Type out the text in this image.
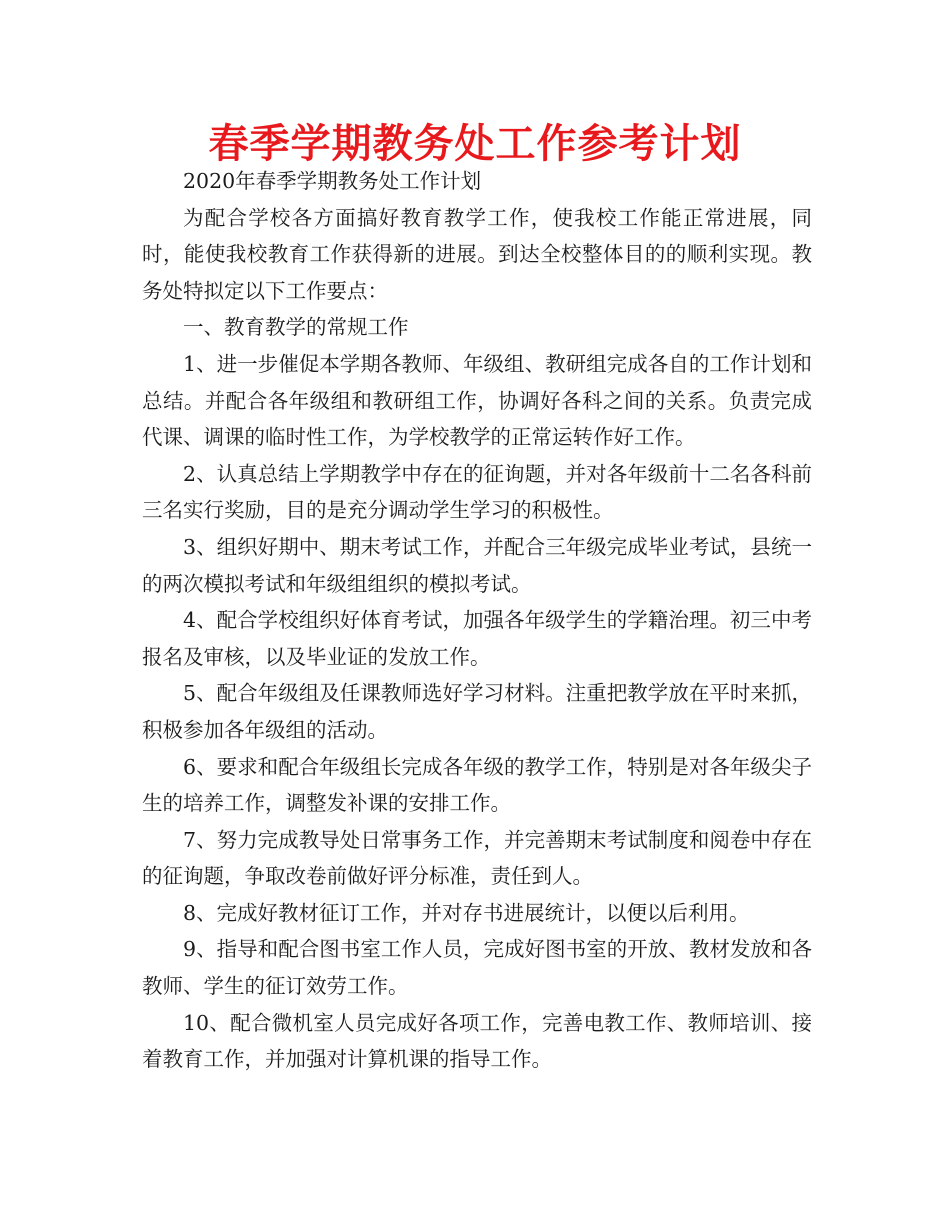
春季学期教务处工作参考计划

2020年春季学期教务处工作计划

为配合学校各方面搞好教育教学工作，使我校工作能正常进展，同时，能使我校教育工作获得新的进展。到达全校整体目的的顺利实现。教务处特拟定以下工作要点：

一、教育教学的常规工作

1、进一步催促本学期各教师、年级组、教研组完成各自的工作计划和总结。并配合各年级组和教研组工作，协调好各科之间的关系。负责完成代课、调课的临时性工作，为学校教学的正常运转作好工作。

2、认真总结上学期教学中存在的征询题，并对各年级前十二名各科前三名实行奖励，目的是充分调动学生学习的积极性。

3、组织好期中、期末考试工作，并配合三年级完成毕业考试，县统一的两次模拟考试和年级组组织的模拟考试。

4、配合学校组织好体育考试，加强各年级学生的学籍治理。初三中考报名及审核，以及毕业证的发放工作。

5、配合年级组及任课教师选好学习材料。注重把教学放在平时来抓，积极参加各年级组的活动。

6、要求和配合年级组长完成各年级的教学工作，特别是对各年级尖子生的培养工作，调整发补课的安排工作。

7、努力完成教导处日常事务工作，并完善期末考试制度和阅卷中存在的征询题，争取改卷前做好评分标准，责任到人。

8、完成好教材征订工作，并对存书进展统计，以便以后利用。

9、指导和配合图书室工作人员，完成好图书室的开放、教材发放和各教师、学生的征订效劳工作。

10、配合微机室人员完成好各项工作，完善电教工作、教师培训、接着教育工作，并加强对计算机课的指导工作。
